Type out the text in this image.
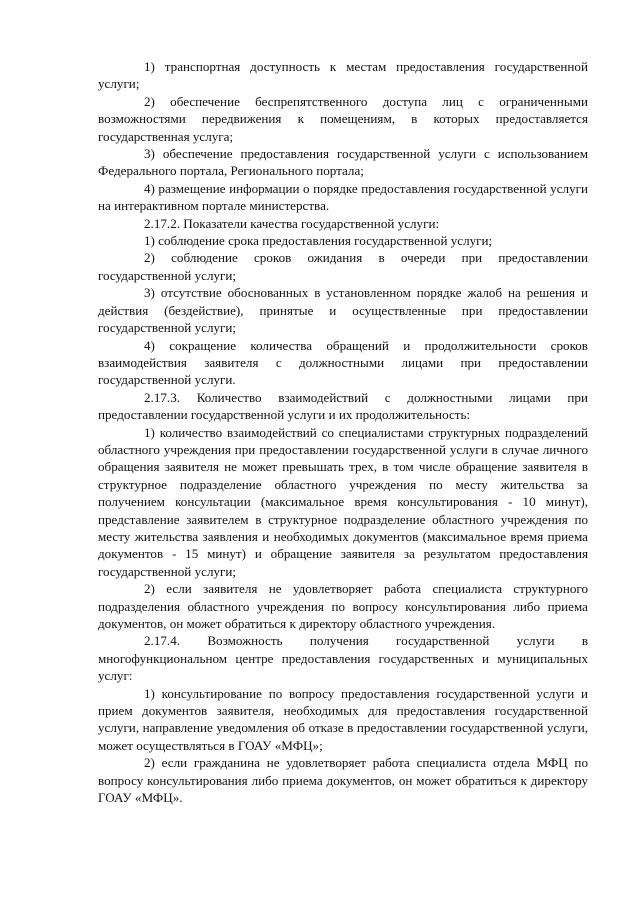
1) транспортная доступность к местам предоставления государственной услуги;

2) обеспечение беспрепятственного доступа лиц с ограниченными возможностями передвижения к помещениям, в которых предоставляется государственная услуга;

3) обеспечение предоставления государственной услуги с использованием Федерального портала, Регионального портала;

4) размещение информации о порядке предоставления государственной услуги на интерактивном портале министерства.

2.17.2. Показатели качества государственной услуги:

1) соблюдение срока предоставления государственной услуги;

2) соблюдение сроков ожидания в очереди при предоставлении государственной услуги;

3) отсутствие обоснованных в установленном порядке жалоб на решения и действия (бездействие), принятые и осуществленные при предоставлении государственной услуги;

4) сокращение количества обращений и продолжительности сроков взаимодействия заявителя с должностными лицами при предоставлении государственной услуги.

2.17.3. Количество взаимодействий с должностными лицами при предоставлении государственной услуги и их продолжительность:

1) количество взаимодействий со специалистами структурных подразделений областного учреждения при предоставлении государственной услуги в случае личного обращения заявителя не может превышать трех, в том числе обращение заявителя в структурное подразделение областного учреждения по месту жительства за получением консультации (максимальное время консультирования - 10 минут), представление заявителем в структурное подразделение областного учреждения по месту жительства заявления и необходимых документов (максимальное время приема документов - 15 минут) и обращение заявителя за результатом предоставления государственной услуги;

2) если заявителя не удовлетворяет работа специалиста структурного подразделения областного учреждения по вопросу консультирования либо приема документов, он может обратиться к директору областного учреждения.

2.17.4. Возможность получения государственной услуги в многофункциональном центре предоставления государственных и муниципальных услуг:

1) консультирование по вопросу предоставления государственной услуги и прием документов заявителя, необходимых для предоставления государственной услуги, направление уведомления об отказе в предоставлении государственной услуги, может осуществляться в ГОАУ «МФЦ»;

2) если гражданина не удовлетворяет работа специалиста отдела МФЦ по вопросу консультирования либо приема документов, он может обратиться к директору ГОАУ «МФЦ».
